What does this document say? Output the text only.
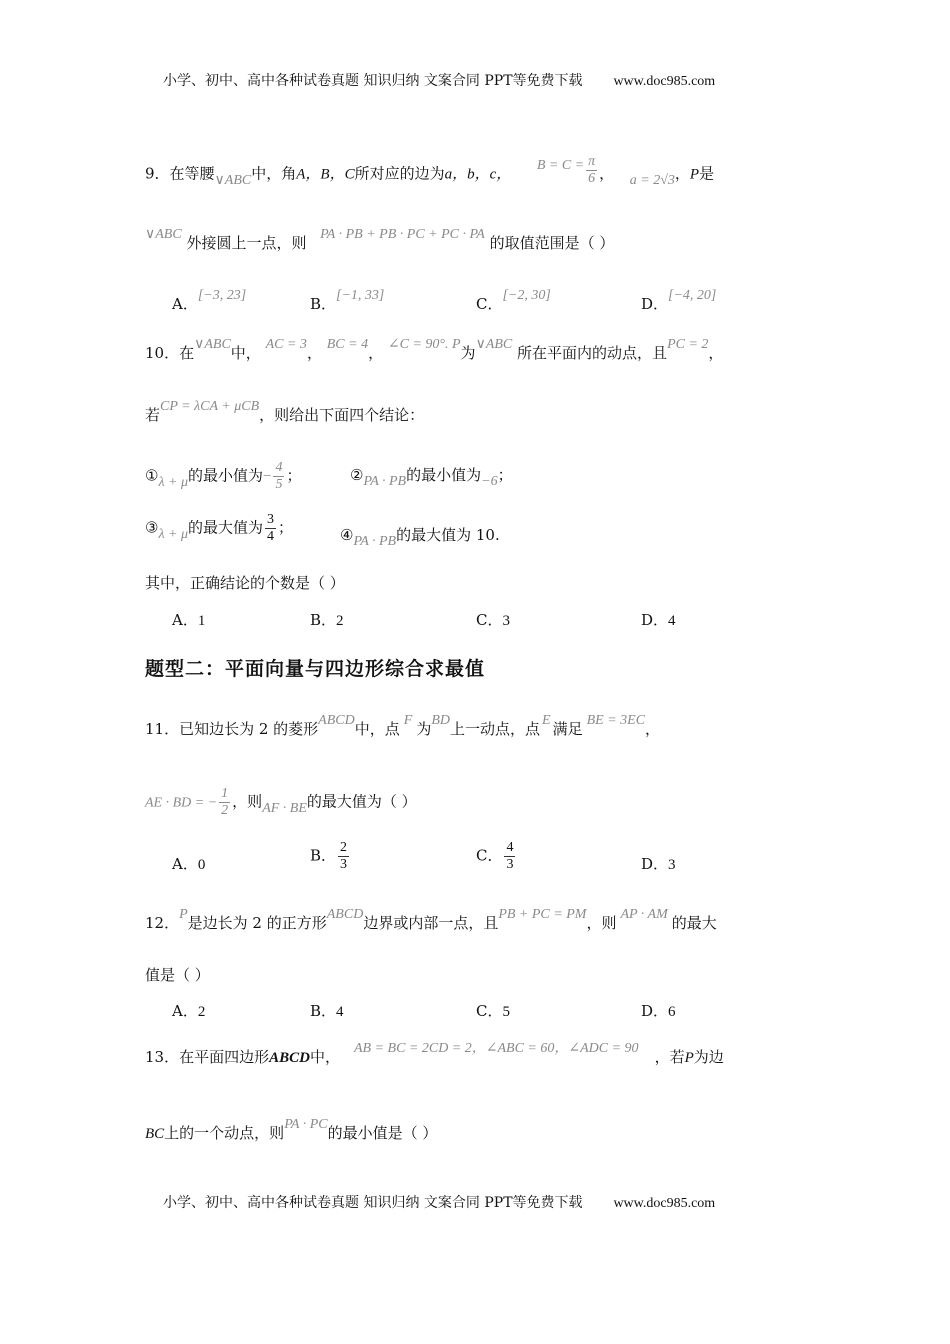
小学、初中、高中各种试卷真题 知识归纳 文案合同 PPT等免费下载 www.doc985.com
9．在等腰∨ABC中，角A，B，C所对应的边为a，b，c，  $B = C = \frac{\pi}{6}$ ， a = 2√3，P是
∨ABC 外接圆上一点，则 PA · PB + PB · PC + PC · PA 的取值范围是（ ）
A．[−3, 23]	B．[−1, 33]	C．[−2, 30]	D．[−4, 20]
10．在∨ABC中， AC = 3， BC = 4， ∠C = 90°. P为∨ABC 所在平面内的动点，且PC = 2，
若CP = λCA + μCB，则给出下面四个结论：
①λ + μ的最小值为− $\frac{4}{5}$ ；	②PA · PB的最小值为−6；
③λ + μ的最大值为 $\frac{3}{4}$ ；	④PA · PB的最大值为 10.
其中，正确结论的个数是（ ）
A．1	B．2	C．3	D．4
题型二：平面向量与四边形综合求最值
11．已知边长为 2 的菱形ABCD中，点 F 为BD上一动点，点 E 满足 BE = 3EC，
AE · BD = − $\frac{1}{2}$ ，则AF · BE的最大值为（ ）
A．0
B． $\frac{2}{3}$	C． $\frac{4}{3}$	D．3
12．P是边长为 2 的正方形ABCD边界或内部一点，且PB + PC = PM，则 AP · AM 的最大
值是（ ）
A．2	B．4	C．5	D．6
13．在平面四边形ABCD中， AB = BC = 2CD = 2，∠ABC = 60，∠ADC = 90 ，若P为边
BC上的一个动点，则PA · PC的最小值是（ ）
小学、初中、高中各种试卷真题 知识归纳 文案合同 PPT等免费下载 www.doc985.com
